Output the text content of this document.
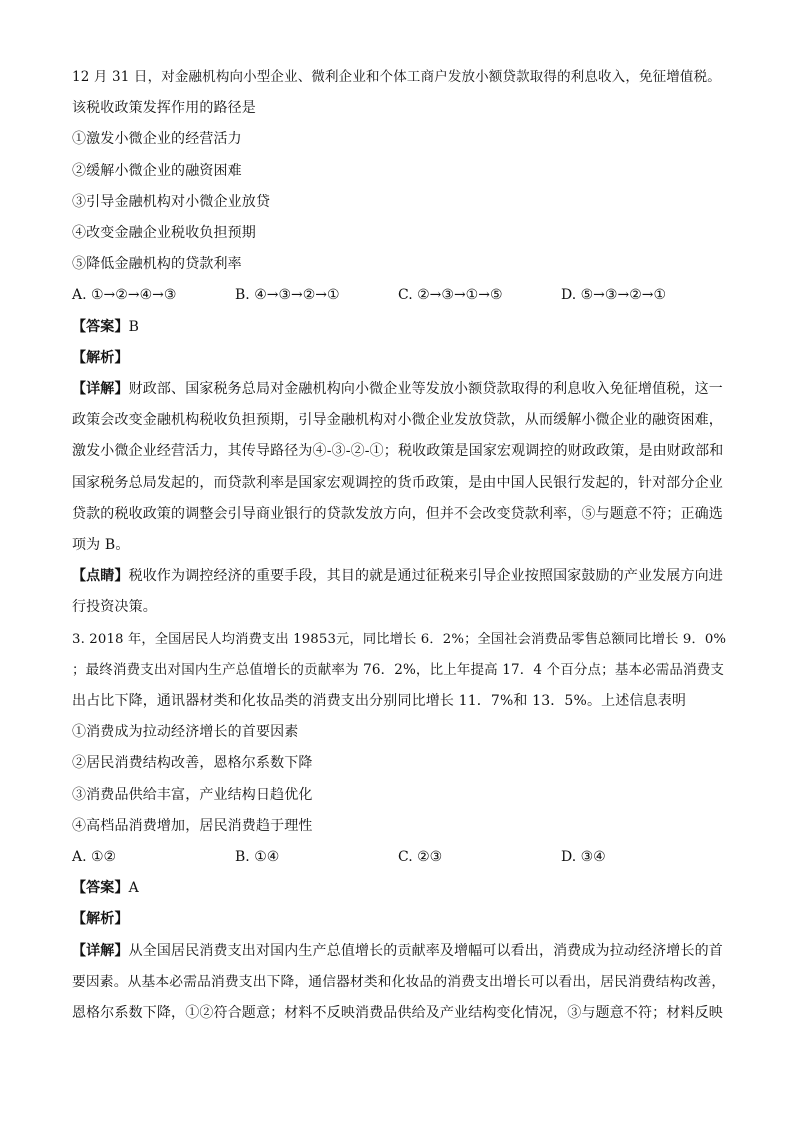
12 月 31 日，对金融机构向小型企业、微利企业和个体工商户发放小额贷款取得的利息收入，免征增值税。
该税收政策发挥作用的路径是
①激发小微企业的经营活力
②缓解小微企业的融资困难
③引导金融机构对小微企业放贷
④改变金融企业税收负担预期
⑤降低金融机构的贷款利率
A. ①→②→④→③	B. ④→③→②→①	C. ②→③→①→⑤	D. ⑤→③→②→①
【答案】B
【解析】
【详解】财政部、国家税务总局对金融机构向小微企业等发放小额贷款取得的利息收入免征增值税，这一
政策会改变金融机构税收负担预期，引导金融机构对小微企业发放贷款，从而缓解小微企业的融资困难，
激发小微企业经营活力，其传导路径为④-③-②-①；税收政策是国家宏观调控的财政政策，是由财政部和
国家税务总局发起的，而贷款利率是国家宏观调控的货币政策，是由中国人民银行发起的，针对部分企业
贷款的税收政策的调整会引导商业银行的贷款发放方向，但并不会改变贷款利率，⑤与题意不符；正确选
项为 B。
【点睛】税收作为调控经济的重要手段，其目的就是通过征税来引导企业按照国家鼓励的产业发展方向进
行投资决策。
3. 2018 年，全国居民人均消费支出 19853元，同比增长 6．2%；全国社会消费品零售总额同比增长 9．0%
；最终消费支出对国内生产总值增长的贡献率为 76．2%，比上年提高 17．4 个百分点；基本必需品消费支
出占比下降，通讯器材类和化妆品类的消费支出分别同比增长 11．7%和 13．5%。上述信息表明
①消费成为拉动经济增长的首要因素
②居民消费结构改善，恩格尔系数下降
③消费品供给丰富，产业结构日趋优化
④高档品消费增加，居民消费趋于理性
A. ①②	B. ①④	C. ②③	D. ③④
【答案】A
【解析】
【详解】从全国居民消费支出对国内生产总值增长的贡献率及增幅可以看出，消费成为拉动经济增长的首
要因素。从基本必需品消费支出下降，通信器材类和化妆品的消费支出增长可以看出，居民消费结构改善，
恩格尔系数下降，①②符合题意；材料不反映消费品供给及产业结构变化情况，③与题意不符；材料反映
